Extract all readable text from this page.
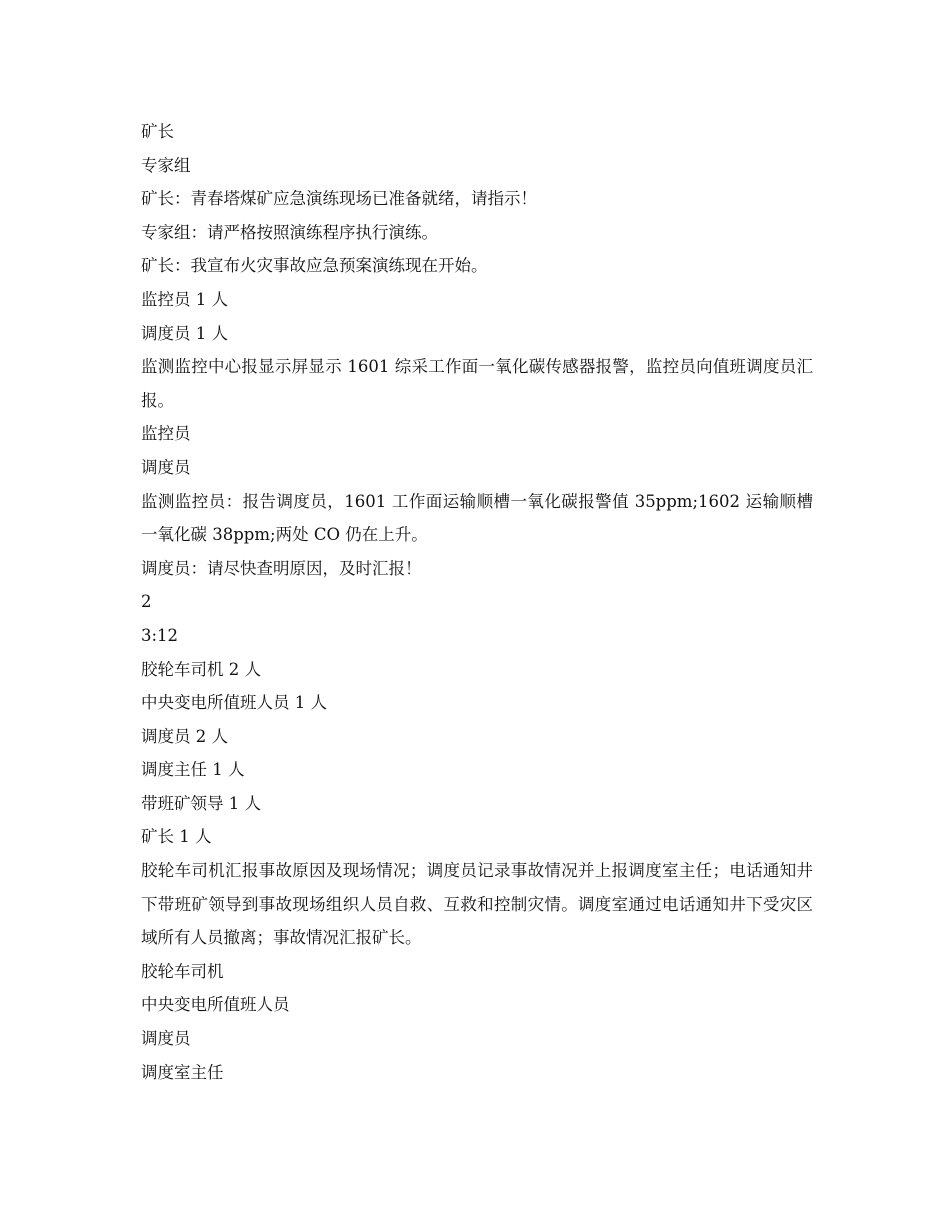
矿长
专家组
矿长：青春塔煤矿应急演练现场已准备就绪，请指示！
专家组：请严格按照演练程序执行演练。
矿长：我宣布火灾事故应急预案演练现在开始。
监控员 1 人
调度员 1 人
监测监控中心报显示屏显示 1601 综采工作面一氧化碳传感器报警，监控员向值班调度员汇报。
监控员
调度员
监测监控员：报告调度员，1601 工作面运输顺槽一氧化碳报警值 35ppm;1602 运输顺槽一氧化碳 38ppm;两处 CO 仍在上升。
调度员：请尽快查明原因，及时汇报！
2
3:12
胶轮车司机 2 人
中央变电所值班人员 1 人
调度员 2 人
调度主任 1 人
带班矿领导 1 人
矿长 1 人
胶轮车司机汇报事故原因及现场情况；调度员记录事故情况并上报调度室主任；电话通知井下带班矿领导到事故现场组织人员自救、互救和控制灾情。调度室通过电话通知井下受灾区域所有人员撤离；事故情况汇报矿长。
胶轮车司机
中央变电所值班人员
调度员
调度室主任
